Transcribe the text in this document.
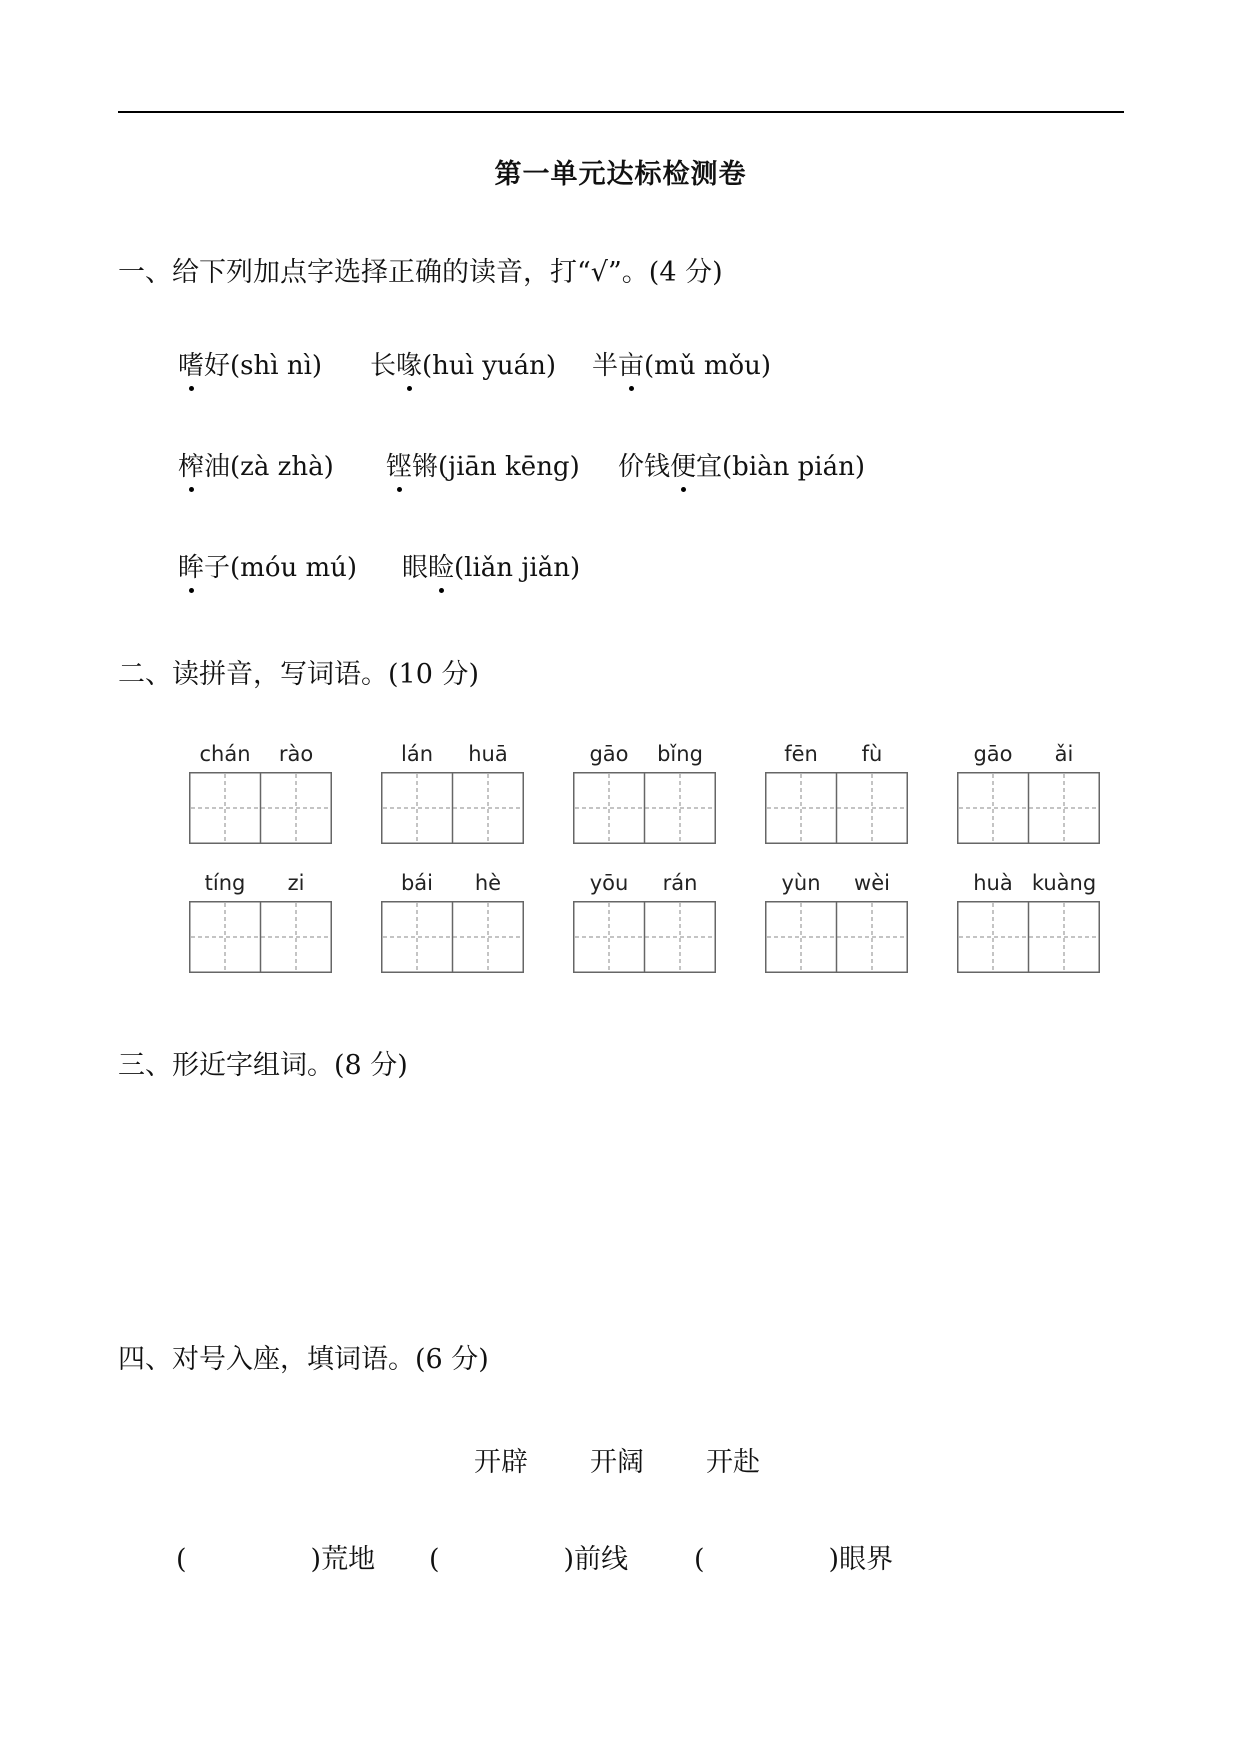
第一单元达标检测卷
一、给下列加点字选择正确的读音，打“√”。(4 分)
嗜好(shì nì) 长喙(huì yuán) 半亩(mǔ mǒu)
榨油(zà zhà) 铿锵(jiān kēng) 价钱便宜(biàn pián)
眸子(móu mú) 眼睑(liǎn jiǎn)
二、读拼音，写词语。(10 分)
chán	rào	lán	huā	gāo	bǐng	fēn	fù	gāo	ǎi
tíng	zi	bái	hè	yōu	rán	yùn	wèi	huà kuàng
三、形近字组词。(8 分)
四、对号入座，填词语。(6 分)
开辟 开阔 开赴
(	)荒地 (	)前线 (	)眼界
